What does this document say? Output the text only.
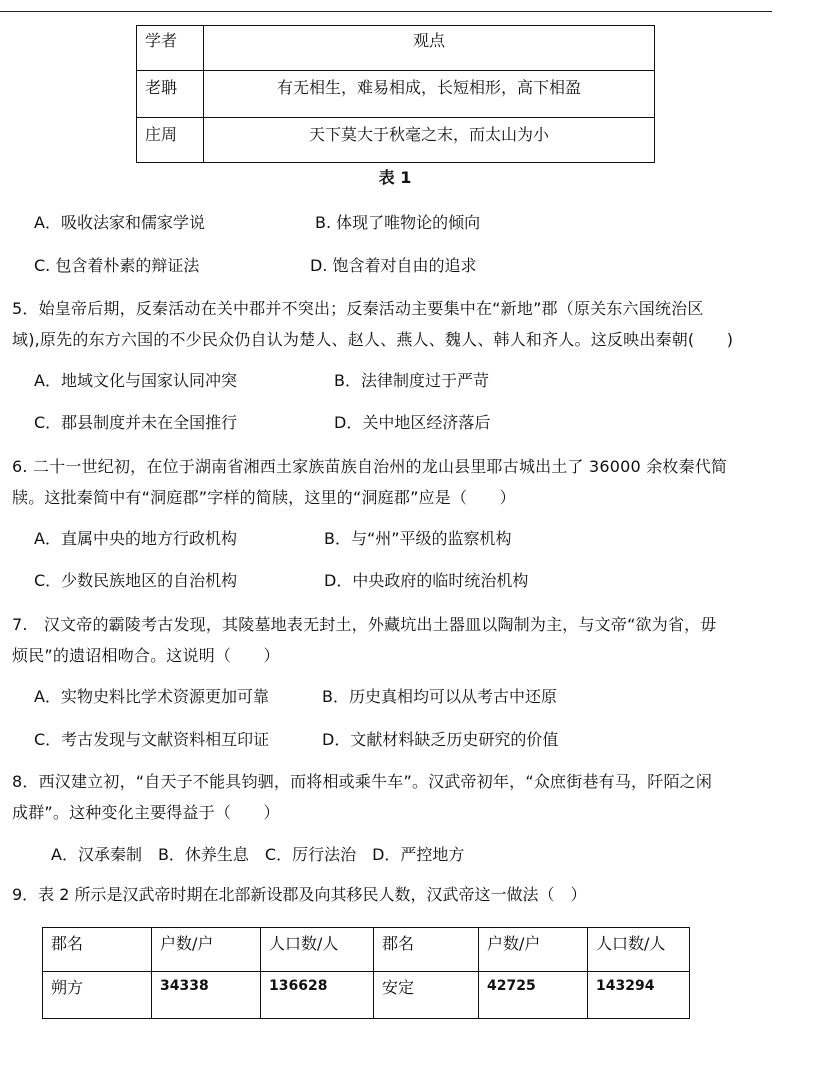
学者	观点
老聃	有无相生，难易相成，长短相形，高下相盈
庄周	天下莫大于秋毫之末，而太山为小
表 1
A．吸收法家和儒家学说	B. 体现了唯物论的倾向
C. 包含着朴素的辩证法	D. 饱含着对自由的追求
5．始皇帝后期，反秦活动在关中郡并不突出；反秦活动主要集中在“新地”郡（原关东六国统治区
域),原先的东方六国的不少民众仍自认为楚人、赵人、燕人、魏人、韩人和齐人。这反映出秦朝(　　)
A．地域文化与国家认同冲突	B．法律制度过于严苛
C．郡县制度并未在全国推行	D．关中地区经济落后
6. 二十一世纪初，在位于湖南省湘西土家族苗族自治州的龙山县里耶古城出土了 36000 余枚秦代简
牍。这批秦简中有“洞庭郡”字样的简牍，这里的“洞庭郡”应是（　　）
A．直属中央的地方行政机构	B．与“州”平级的监察机构
C．少数民族地区的自治机构	D．中央政府的临时统治机构
7.　汉文帝的霸陵考古发现，其陵墓地表无封土，外藏坑出土器皿以陶制为主，与文帝“欲为省，毋
烦民”的遗诏相吻合。这说明（　　）
A．实物史料比学术资源更加可靠	B．历史真相均可以从考古中还原
C．考古发现与文献资料相互印证	D．文献材料缺乏历史研究的价值
8．西汉建立初，“自天子不能具钧驷，而将相或乘牛车”。汉武帝初年，“众庶街巷有马，阡陌之闲
成群”。这种变化主要得益于（　　）
A．汉承秦制　B．休养生息　C．厉行法治　D．严控地方
9．表 2 所示是汉武帝时期在北部新设郡及向其移民人数，汉武帝这一做法（　）
郡名	户数/户	人口数/人	郡名	户数/户	人口数/人
朔方	34338	136628	安定	42725	143294
